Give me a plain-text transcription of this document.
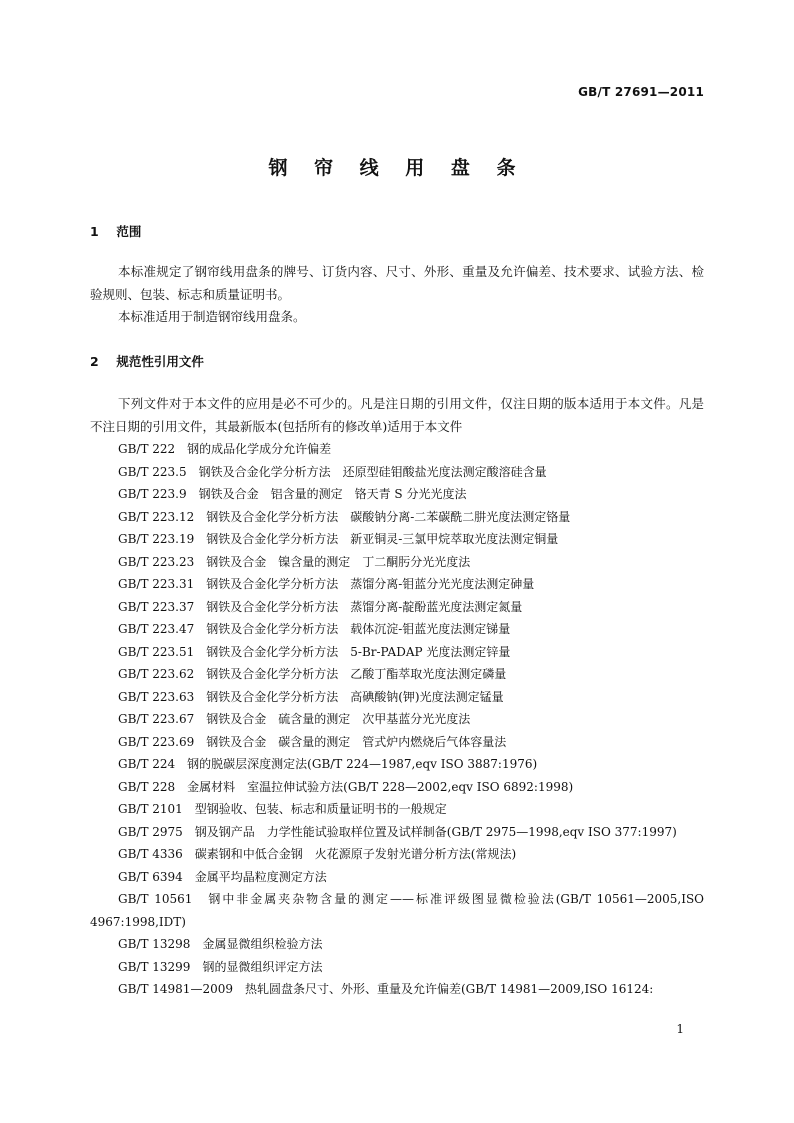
GB/T 27691—2011
钢 帘 线 用 盘 条
1 范围
本标准规定了钢帘线用盘条的牌号、订货内容、尺寸、外形、重量及允许偏差、技术要求、试验方法、检验规则、包装、标志和质量证明书。
本标准适用于制造钢帘线用盘条。
2 规范性引用文件
下列文件对于本文件的应用是必不可少的。凡是注日期的引用文件，仅注日期的版本适用于本文件。凡是不注日期的引用文件，其最新版本(包括所有的修改单)适用于本文件
GB/T 222　钢的成品化学成分允许偏差
GB/T 223.5　钢铁及合金化学分析方法　还原型硅钼酸盐光度法测定酸溶硅含量
GB/T 223.9　钢铁及合金　铝含量的测定　铬天青 S 分光光度法
GB/T 223.12　钢铁及合金化学分析方法　碳酸钠分离-二苯碳酰二肼光度法测定铬量
GB/T 223.19　钢铁及合金化学分析方法　新亚铜灵-三氯甲烷萃取光度法测定铜量
GB/T 223.23　钢铁及合金　镍含量的测定　丁二酮肟分光光度法
GB/T 223.31　钢铁及合金化学分析方法　蒸馏分离-钼蓝分光光度法测定砷量
GB/T 223.37　钢铁及合金化学分析方法　蒸馏分离-靛酚蓝光度法测定氮量
GB/T 223.47　钢铁及合金化学分析方法　载体沉淀-钼蓝光度法测定锑量
GB/T 223.51　钢铁及合金化学分析方法　5-Br-PADAP 光度法测定锌量
GB/T 223.62　钢铁及合金化学分析方法　乙酸丁酯萃取光度法测定磷量
GB/T 223.63　钢铁及合金化学分析方法　高碘酸钠(钾)光度法测定锰量
GB/T 223.67　钢铁及合金　硫含量的测定　次甲基蓝分光光度法
GB/T 223.69　钢铁及合金　碳含量的测定　管式炉内燃烧后气体容量法
GB/T 224　钢的脱碳层深度测定法(GB/T 224—1987,eqv ISO 3887:1976)
GB/T 228　金属材料　室温拉伸试验方法(GB/T 228—2002,eqv ISO 6892:1998)
GB/T 2101　型钢验收、包装、标志和质量证明书的一般规定
GB/T 2975　钢及钢产品　力学性能试验取样位置及试样制备(GB/T 2975—1998,eqv ISO 377:1997)
GB/T 4336　碳素钢和中低合金钢　火花源原子发射光谱分析方法(常规法)
GB/T 6394　金属平均晶粒度测定方法
GB/T 10561　钢中非金属夹杂物含量的测定——标准评级图显微检验法(GB/T 10561—2005,ISO 4967:1998,IDT)
GB/T 13298　金属显微组织检验方法
GB/T 13299　钢的显微组织评定方法
GB/T 14981—2009　热轧圆盘条尺寸、外形、重量及允许偏差(GB/T 14981—2009,ISO 16124:
1
